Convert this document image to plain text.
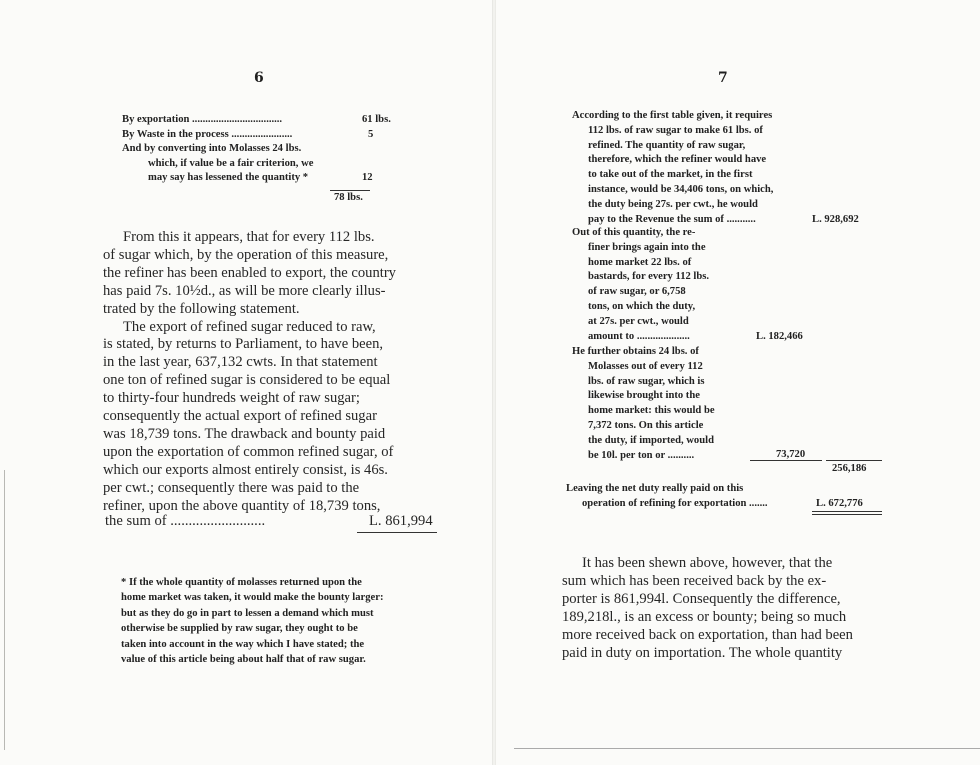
6
By exportation ..................................	61 lbs.
By Waste in the process .......................	5
And by converting into Molasses 24 lbs.
which, if value be a fair criterion, we
may say has lessened the quantity *	12
78 lbs.
From this it appears, that for every 112 lbs.
of sugar which, by the operation of this measure,
the refiner has been enabled to export, the country
has paid 7s. 10½d., as will be more clearly illus-
trated by the following statement.
The export of refined sugar reduced to raw,
is stated, by returns to Parliament, to have been,
in the last year, 637,132 cwts. In that statement
one ton of refined sugar is considered to be equal
to thirty-four hundreds weight of raw sugar;
consequently the actual export of refined sugar
was 18,739 tons. The drawback and bounty paid
upon the exportation of common refined sugar, of
which our exports almost entirely consist, is 46s.
per cwt.; consequently there was paid to the
refiner, upon the above quantity of 18,739 tons,
the sum of ..........................	L. 861,994
* If the whole quantity of molasses returned upon the
home market was taken, it would make the bounty larger:
but as they do go in part to lessen a demand which must
otherwise be supplied by raw sugar, they ought to be
taken into account in the way which I have stated; the
value of this article being about half that of raw sugar.
7
According to the first table given, it requires
112 lbs. of raw sugar to make 61 lbs. of
refined. The quantity of raw sugar,
therefore, which the refiner would have
to take out of the market, in the first
instance, would be 34,406 tons, on which,
the duty being 27s. per cwt., he would
pay to the Revenue the sum of ...........	L. 928,692
Out of this quantity, the re-
finer brings again into the
home market 22 lbs. of
bastards, for every 112 lbs.
of raw sugar, or 6,758
tons, on which the duty,
at 27s. per cwt., would
amount to ....................	L. 182,466
He further obtains 24 lbs. of
Molasses out of every 112
lbs. of raw sugar, which is
likewise brought into the
home market: this would be
7,372 tons. On this article
the duty, if imported, would
be 10l. per ton or ..........	73,720
256,186
Leaving the net duty really paid on this
operation of refining for exportation .......	L. 672,776
It has been shewn above, however, that the
sum which has been received back by the ex-
porter is 861,994l. Consequently the difference,
189,218l., is an excess or bounty; being so much
more received back on exportation, than had been
paid in duty on importation. The whole quantity
